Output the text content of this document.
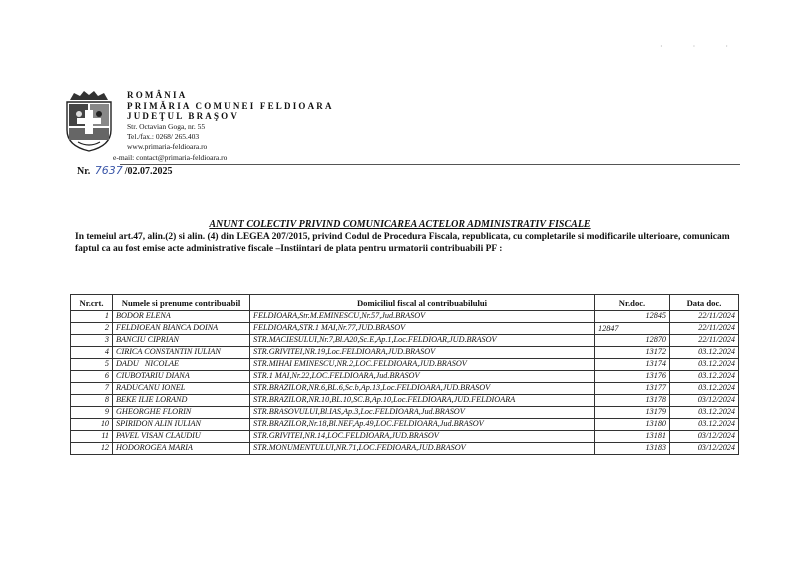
· · ·
ROMÂNIA
PRIMĂRIA COMUNEI FELDIOARA
JUDEŢUL BRAŞOV
Str. Octavian Goga, nr. 55
Tel./fax.: 0268/ 265.403
www.primaria-feldioara.ro
e-mail: contact@primaria-feldioara.ro
Nr. 7637 /02.07.2025
ANUNT COLECTIV PRIVIND COMUNICAREA ACTELOR ADMINISTRATIV FISCALE
In temeiul art.47, alin.(2) si alin. (4) din LEGEA 207/2015, privind Codul de Procedura Fiscala, republicata, cu completarile si modificarile ulterioare, comunicam faptul ca au fost emise acte administrative fiscale –Instiintari de plata pentru urmatorii contribuabili PF :
Nr.crt.	Numele si prenume contribuabil	Domiciliul fiscal al contribuabilului	Nr.doc.	Data doc.
1	BODOR ELENA	FELDIOARA,Str.M.EMINESCU,Nr.57,Jud.BRASOV	12845	22/11/2024
2	FELDIOEAN BIANCA DOINA	FELDIOARA,STR.1 MAI,Nr.77,JUD.BRASOV	12847	22/11/2024
3	BANCIU CIPRIAN	STR.MACIESULUI,Nr.7,Bl.A20,Sc.E,Ap.1,Loc.FELDIOAR,JUD.BRASOV	12870	22/11/2024
4	CIRICA CONSTANTIN IULIAN	STR.GRIVITEI,NR.19,Loc.FELDIOARA,JUD.BRASOV	13172	03.12.2024
5	DADU   NICOLAE	STR.MIHAI EMINESCU,NR.2,LOC.FELDIOARA,JUD.BRASOV	13174	03.12.2024
6	CIUBOTARIU DIANA	STR.1 MAI,Nr.22,LOC.FELDIOARA,Jud.BRASOV	13176	03.12.2024
7	RADUCANU IONEL	STR.BRAZILOR,NR.6,BL.6,Sc.b,Ap.13,Loc.FELDIOARA,JUD.BRASOV	13177	03.12.2024
8	BEKE ILIE LORAND	STR.BRAZILOR,NR.10,BL.10,SC.B,Ap.10,Loc.FELDIOARA,JUD.FELDIOARA	13178	03/12/2024
9	GHEORGHE FLORIN	STR.BRASOVULUI,Bl.IAS,Ap.3,Loc.FELDIOARA,Jud.BRASOV	13179	03.12.2024
10	SPIRIDON ALIN IULIAN	STR.BRAZILOR,Nr.18,Bl.NEF,Ap.49,LOC.FELDIOARA,Jud.BRASOV	13180	03.12.2024
11	PAVEL VISAN CLAUDIU	STR.GRIVITEI,NR.14,LOC.FELDIOARA,JUD.BRASOV	13181	03/12/2024
12	HODOROGEA MARIA	STR.MONUMENTULUI,NR.71,LOC.FEDIOARA,JUD.BRASOV	13183	03/12/2024
